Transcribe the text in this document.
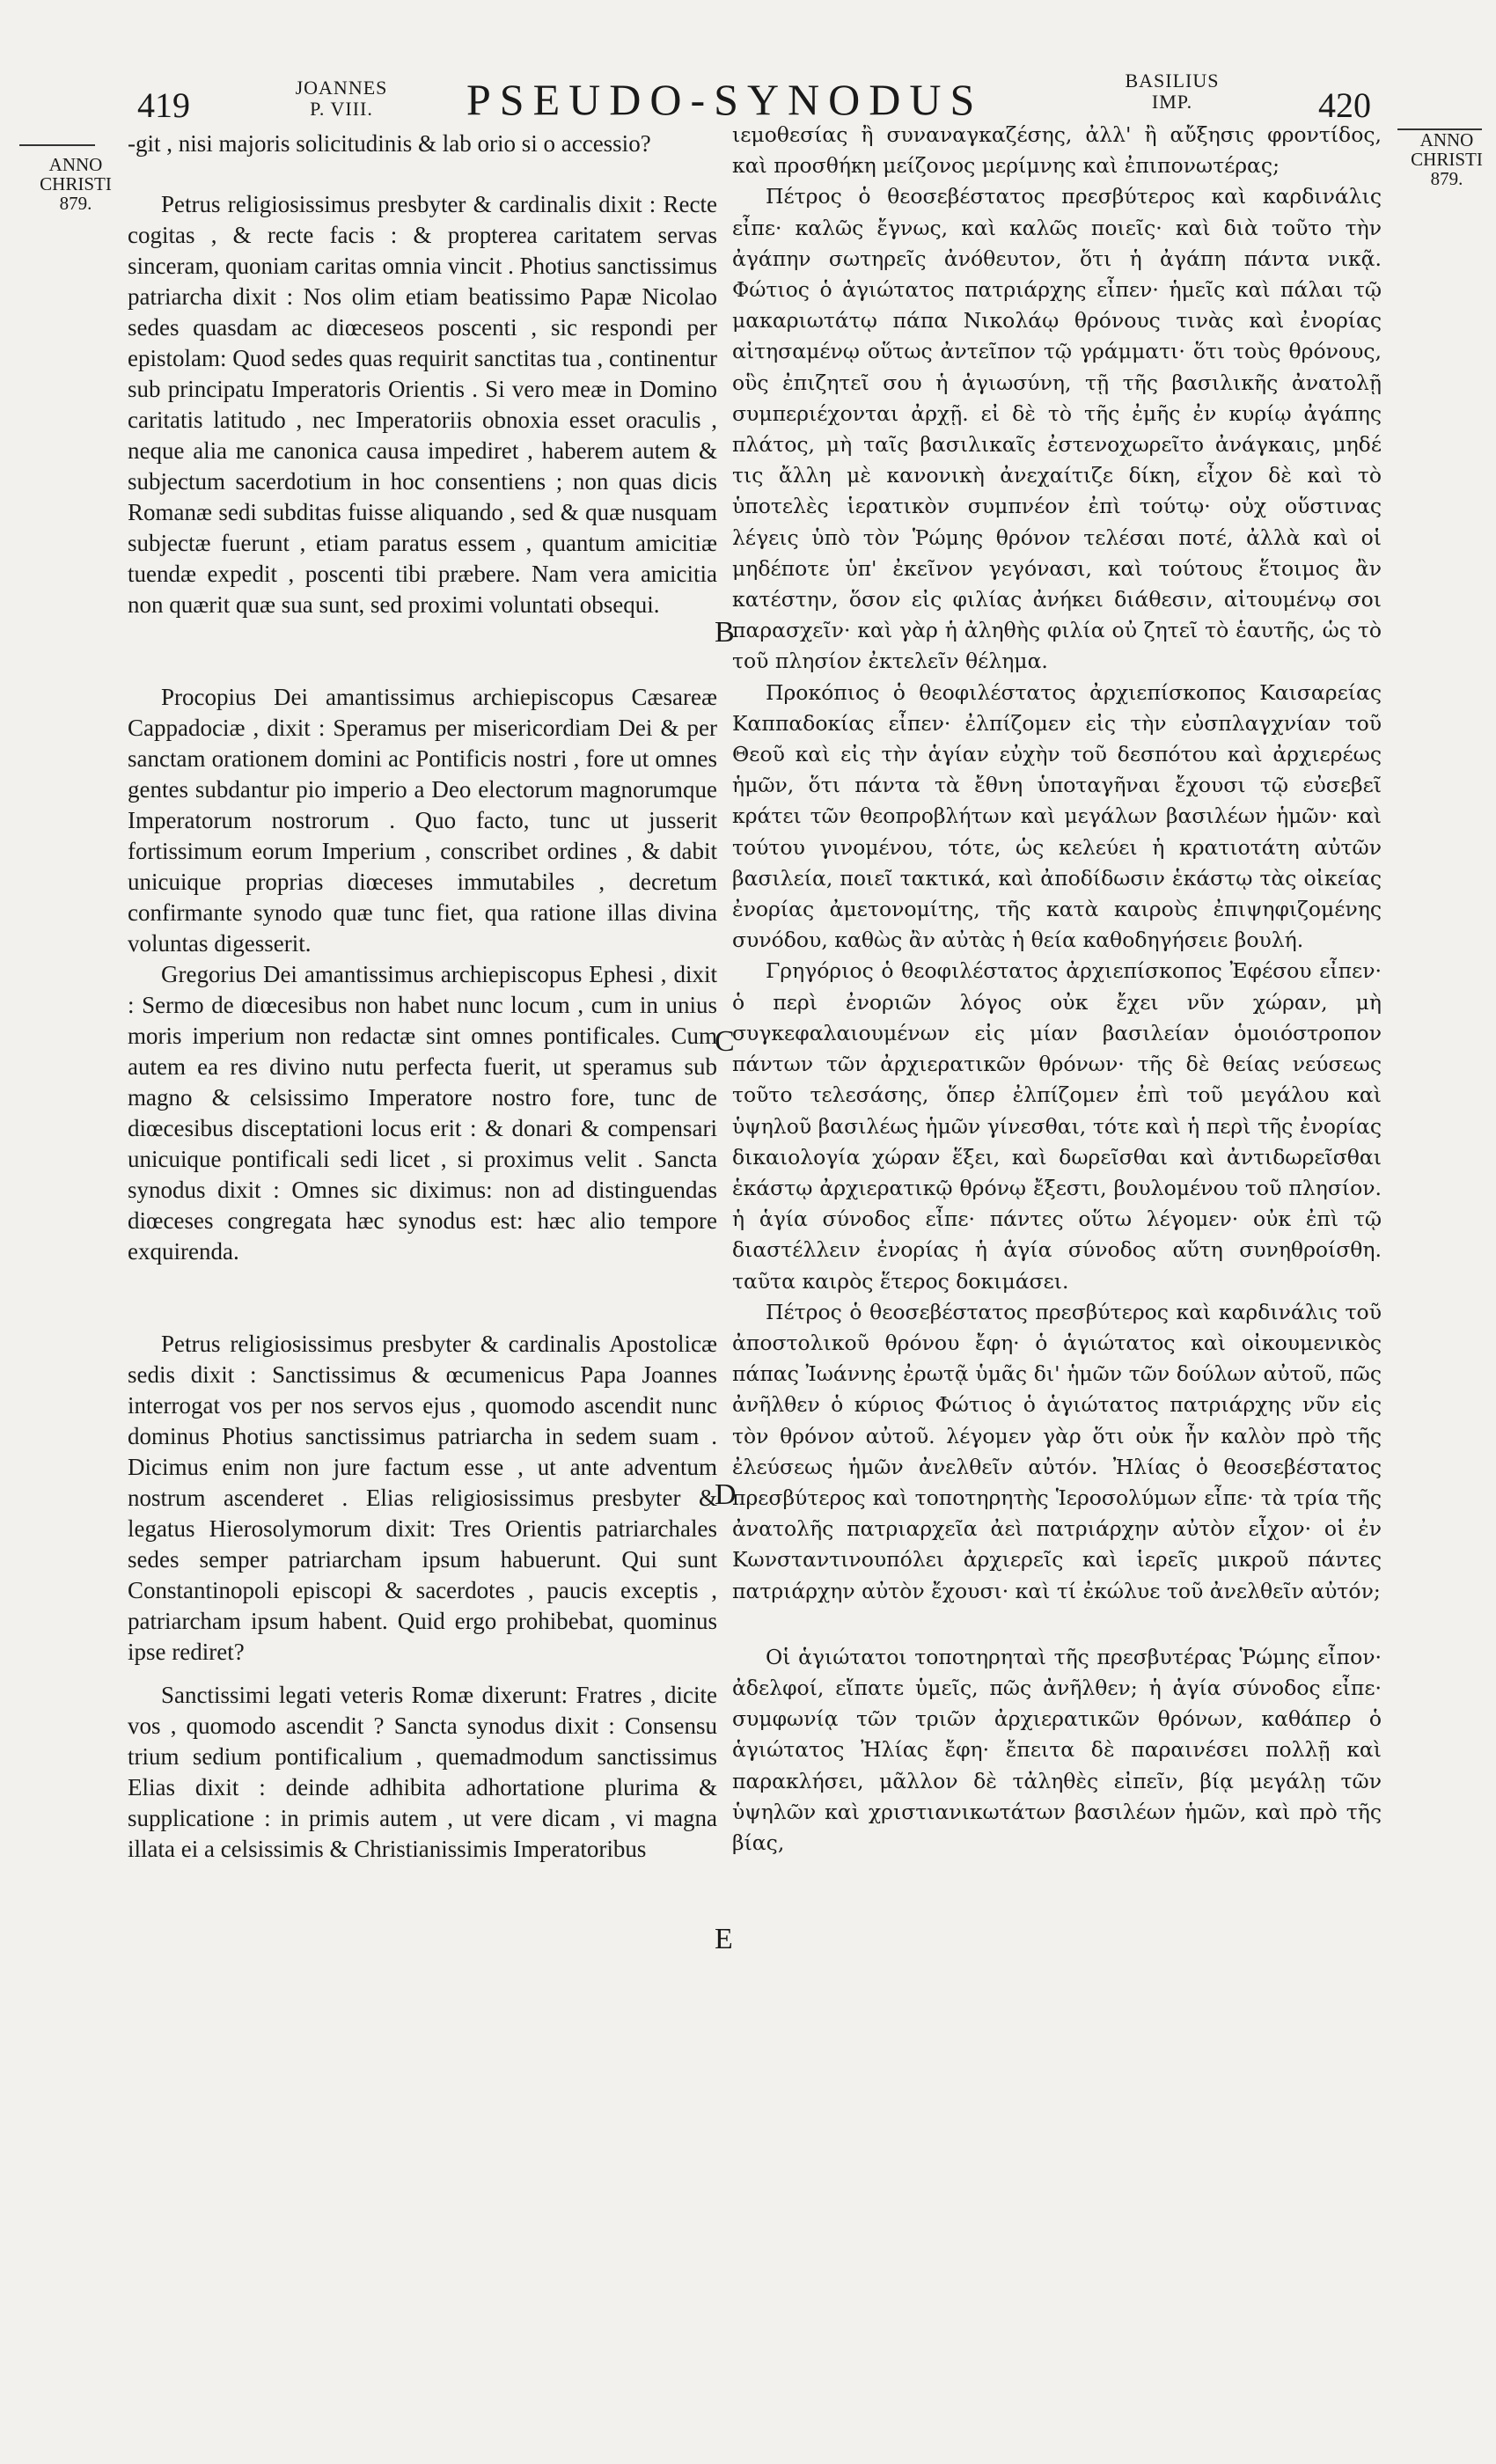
419	JOANNES
P. VIII.	PSEUDO-SYNODUS	BASILIUS
IMP.	420
ANNO
CHRISTI
879.
ANNO
CHRISTI
879.
B
C
D
E

-git , nisi majoris solicitudinis & lab orio si o accessio?

Petrus religiosissimus presbyter & cardinalis dixit : Recte cogitas , & recte facis : & propterea caritatem servas sinceram, quoniam caritas omnia vincit . Photius sanctissimus patriarcha dixit : Nos olim etiam beatissimo Papæ Nicolao sedes quasdam ac diœceseos poscenti , sic respondi per epistolam: Quod sedes quas requirit sanctitas tua , continentur sub principatu Imperatoris Orientis . Si vero meæ in Domino caritatis latitudo , nec Imperatoriis obnoxia esset oraculis , neque alia me canonica causa impediret , haberem autem & subjectum sacerdotium in hoc consentiens ; non quas dicis Romanæ sedi subditas fuisse aliquando , sed & quæ nusquam subjectæ fuerunt , etiam paratus essem , quantum amicitiæ tuendæ expedit , poscenti tibi præbere. Nam vera amicitia non quærit quæ sua sunt, sed proximi voluntati obsequi.

Procopius Dei amantissimus archiepiscopus Cæsareæ Cappadociæ , dixit : Speramus per misericordiam Dei & per sanctam orationem domini ac Pontificis nostri , fore ut omnes gentes subdantur pio imperio a Deo electorum magnorumque Imperatorum nostrorum . Quo facto, tunc ut jusserit fortissimum eorum Imperium , conscribet ordines , & dabit unicuique proprias diœceses immutabiles , decretum confirmante synodo quæ tunc fiet, qua ratione illas divina voluntas digesserit.

Gregorius Dei amantissimus archiepiscopus Ephesi , dixit : Sermo de diœcesibus non habet nunc locum , cum in unius moris imperium non redactæ sint omnes pontificales. Cum autem ea res divino nutu perfecta fuerit, ut speramus sub magno & celsissimo Imperatore nostro fore, tunc de diœcesibus disceptationi locus erit : & donari & compensari unicuique pontificali sedi licet , si proximus velit . Sancta synodus dixit : Omnes sic diximus: non ad distinguendas diœceses congregata hæc synodus est: hæc alio tempore exquirenda.

Petrus religiosissimus presbyter & cardinalis Apostolicæ sedis dixit : Sanctissimus & œcumenicus Papa Joannes interrogat vos per nos servos ejus , quomodo ascendit nunc dominus Photius sanctissimus patriarcha in sedem suam . Dicimus enim non jure factum esse , ut ante adventum nostrum ascenderet . Elias religiosissimus presbyter & legatus Hierosolymorum dixit: Tres Orientis patriarchales sedes semper patriarcham ipsum habuerunt. Qui sunt Constantinopoli episcopi & sacerdotes , paucis exceptis , patriarcham ipsum habent. Quid ergo prohibebat, quominus ipse rediret?

Sanctissimi legati veteris Romæ dixerunt: Fratres , dicite vos , quomodo ascendit ? Sancta synodus dixit : Consensu trium sedium pontificalium , quemadmodum sanctissimus Elias dixit : deinde adhibita adhortatione plurima & supplicatione : in primis autem , ut vere dicam , vi magna illata ei a celsissimis & Christianissimis Imperatoribus

ιεμοθεσίας ἢ συναναγκαζέσης, ἀλλ' ἢ αὔξησις φροντίδος, καὶ προσθήκη μείζονος μερίμνης καὶ ἐπιπονωτέρας;

Πέτρος ὁ θεοσεβέστατος πρεσβύτερος καὶ καρδινάλις εἶπε· καλῶς ἔγνως, καὶ καλῶς ποιεῖς· καὶ διὰ τοῦτο τὴν ἀγάπην σωτηρεῖς ἀνόθευτον, ὅτι ἡ ἀγάπη πάντα νικᾷ. Φώτιος ὁ ἁγιώτατος πατριάρχης εἶπεν· ἡμεῖς καὶ πάλαι τῷ μακαριωτάτῳ πάπα Νικολάῳ θρόνους τινὰς καὶ ἐνορίας αἰτησαμένῳ οὕτως ἀντεῖπον τῷ γράμματι· ὅτι τοὺς θρόνους, οὓς ἐπιζητεῖ σου ἡ ἁγιωσύνη, τῇ τῆς βασιλικῆς ἀνατολῇ συμπεριέχονται ἀρχῇ. εἰ δὲ τὸ τῆς ἐμῆς ἐν κυρίῳ ἀγάπης πλάτος, μὴ ταῖς βασιλικαῖς ἐστενοχωρεῖτο ἀνάγκαις, μηδέ τις ἄλλη μὲ κανονικὴ ἀνεχαίτιζε δίκη, εἶχον δὲ καὶ τὸ ὑποτελὲς ἱερατικὸν συμπνέον ἐπὶ τούτῳ· οὐχ οὕστινας λέγεις ὑπὸ τὸν Ῥώμης θρόνον τελέσαι ποτέ, ἀλλὰ καὶ οἱ μηδέποτε ὑπ' ἐκεῖνον γεγόνασι, καὶ τούτους ἕτοιμος ἂν κατέστην, ὅσον εἰς φιλίας ἀνήκει διάθεσιν, αἰτουμένῳ σοι παρασχεῖν· καὶ γὰρ ἡ ἀληθὴς φιλία οὐ ζητεῖ τὸ ἑαυτῆς, ὡς τὸ τοῦ πλησίον ἐκτελεῖν θέλημα.

Προκόπιος ὁ θεοφιλέστατος ἀρχιεπίσκοπος Καισαρείας Καππαδοκίας εἶπεν· ἐλπίζομεν εἰς τὴν εὐσπλαγχνίαν τοῦ Θεοῦ καὶ εἰς τὴν ἁγίαν εὐχὴν τοῦ δεσπότου καὶ ἀρχιερέως ἡμῶν, ὅτι πάντα τὰ ἔθνη ὑποταγῆναι ἔχουσι τῷ εὐσεβεῖ κράτει τῶν θεοπροβλήτων καὶ μεγάλων βασιλέων ἡμῶν· καὶ τούτου γινομένου, τότε, ὡς κελεύει ἡ κρατιοτάτη αὐτῶν βασιλεία, ποιεῖ τακτικά, καὶ ἀποδίδωσιν ἑκάστῳ τὰς οἰκείας ἐνορίας ἀμετονομίτης, τῆς κατὰ καιροὺς ἐπιψηφιζομένης συνόδου, καθὼς ἂν αὐτὰς ἡ θεία καθοδηγήσειε βουλή.

Γρηγόριος ὁ θεοφιλέστατος ἀρχιεπίσκοπος Ἐφέσου εἶπεν· ὁ περὶ ἐνοριῶν λόγος οὐκ ἔχει νῦν χώραν, μὴ συγκεφαλαιουμένων εἰς μίαν βασιλείαν ὁμοιόστροπον πάντων τῶν ἀρχιερατικῶν θρόνων· τῆς δὲ θείας νεύσεως τοῦτο τελεσάσης, ὅπερ ἐλπίζομεν ἐπὶ τοῦ μεγάλου καὶ ὑψηλοῦ βασιλέως ἡμῶν γίνεσθαι, τότε καὶ ἡ περὶ τῆς ἐνορίας δικαιολογία χώραν ἕξει, καὶ δωρεῖσθαι καὶ ἀντιδωρεῖσθαι ἑκάστῳ ἀρχιερατικῷ θρόνῳ ἔξεστι, βουλομένου τοῦ πλησίον. ἡ ἁγία σύνοδος εἶπε· πάντες οὕτω λέγομεν· οὐκ ἐπὶ τῷ διαστέλλειν ἐνορίας ἡ ἁγία σύνοδος αὕτη συνηθροίσθη. ταῦτα καιρὸς ἕτερος δοκιμάσει.

Πέτρος ὁ θεοσεβέστατος πρεσβύτερος καὶ καρδινάλις τοῦ ἀποστολικοῦ θρόνου ἔφη· ὁ ἁγιώτατος καὶ οἰκουμενικὸς πάπας Ἰωάννης ἐρωτᾷ ὑμᾶς δι' ἡμῶν τῶν δούλων αὐτοῦ, πῶς ἀνῆλθεν ὁ κύριος Φώτιος ὁ ἁγιώτατος πατριάρχης νῦν εἰς τὸν θρόνον αὐτοῦ. λέγομεν γὰρ ὅτι οὐκ ἦν καλὸν πρὸ τῆς ἐλεύσεως ἡμῶν ἀνελθεῖν αὐτόν. Ἠλίας ὁ θεοσεβέστατος πρεσβύτερος καὶ τοποτηρητὴς Ἱεροσολύμων εἶπε· τὰ τρία τῆς ἀνατολῆς πατριαρχεῖα ἀεὶ πατριάρχην αὐτὸν εἶχον· οἱ ἐν Κωνσταντινουπόλει ἀρχιερεῖς καὶ ἱερεῖς μικροῦ πάντες πατριάρχην αὐτὸν ἔχουσι· καὶ τί ἐκώλυε τοῦ ἀνελθεῖν αὐτόν;

Οἱ ἁγιώτατοι τοποτηρηταὶ τῆς πρεσβυτέρας Ῥώμης εἶπον· ἀδελφοί, εἴπατε ὑμεῖς, πῶς ἀνῆλθεν; ἡ ἁγία σύνοδος εἶπε· συμφωνίᾳ τῶν τριῶν ἀρχιερατικῶν θρόνων, καθάπερ ὁ ἁγιώτατος Ἠλίας ἔφη· ἔπειτα δὲ παραινέσει πολλῇ καὶ παρακλήσει, μᾶλλον δὲ τἀληθὲς εἰπεῖν, βίᾳ μεγάλῃ τῶν ὑψηλῶν καὶ χριστιανικωτάτων βασιλέων ἡμῶν, καὶ πρὸ τῆς βίας,
